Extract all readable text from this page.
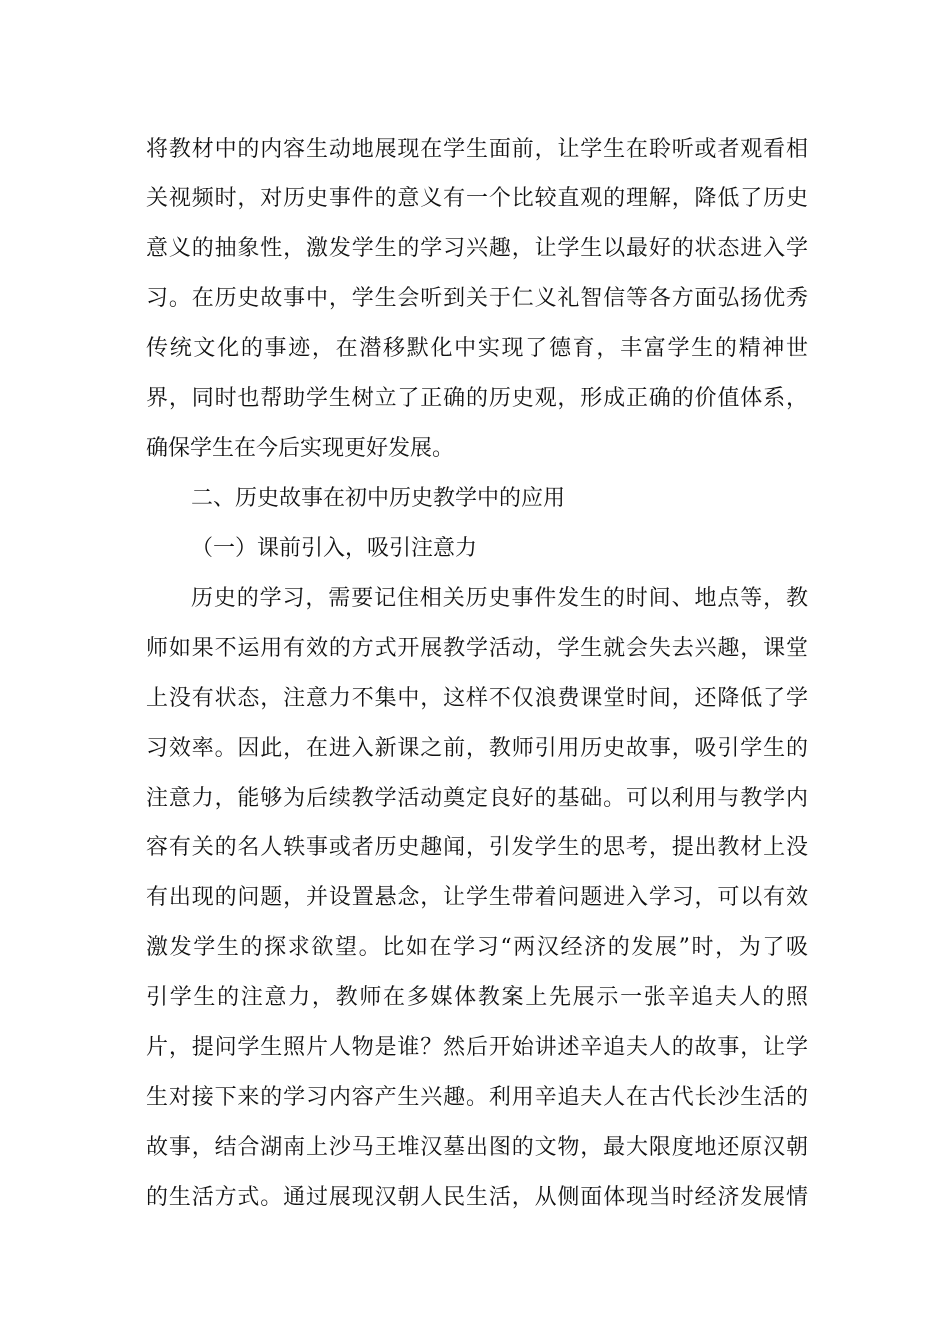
将教材中的内容生动地展现在学生面前，让学生在聆听或者观看相
关视频时，对历史事件的意义有一个比较直观的理解，降低了历史
意义的抽象性，激发学生的学习兴趣，让学生以最好的状态进入学
习。在历史故事中，学生会听到关于仁义礼智信等各方面弘扬优秀
传统文化的事迹，在潜移默化中实现了德育，丰富学生的精神世
界，同时也帮助学生树立了正确的历史观，形成正确的价值体系，
确保学生在今后实现更好发展。
二、历史故事在初中历史教学中的应用
（一）课前引入，吸引注意力
历史的学习，需要记住相关历史事件发生的时间、地点等，教
师如果不运用有效的方式开展教学活动，学生就会失去兴趣，课堂
上没有状态，注意力不集中，这样不仅浪费课堂时间，还降低了学
习效率。因此，在进入新课之前，教师引用历史故事，吸引学生的
注意力，能够为后续教学活动奠定良好的基础。可以利用与教学内
容有关的名人轶事或者历史趣闻，引发学生的思考，提出教材上没
有出现的问题，并设置悬念，让学生带着问题进入学习，可以有效
激发学生的探求欲望。比如在学习“两汉经济的发展”时，为了吸
引学生的注意力，教师在多媒体教案上先展示一张辛追夫人的照
片，提问学生照片人物是谁？然后开始讲述辛追夫人的故事，让学
生对接下来的学习内容产生兴趣。利用辛追夫人在古代长沙生活的
故事，结合湖南上沙马王堆汉墓出图的文物，最大限度地还原汉朝
的生活方式。通过展现汉朝人民生活，从侧面体现当时经济发展情
